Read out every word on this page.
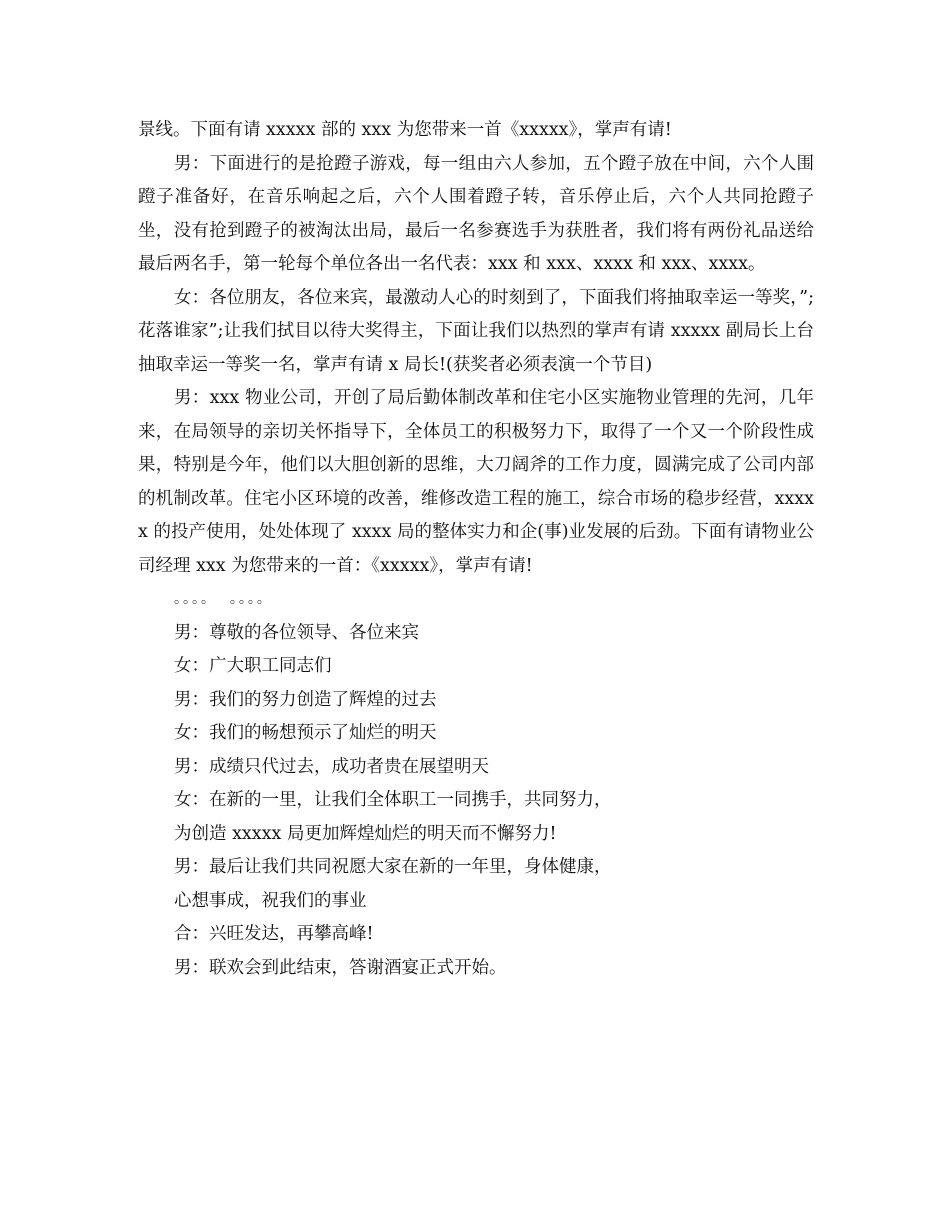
景线。下面有请 xxxxx 部的 xxx 为您带来一首《xxxxx》，掌声有请!

男：下面进行的是抢蹬子游戏，每一组由六人参加，五个蹬子放在中间，六个人围蹬子准备好，在音乐响起之后，六个人围着蹬子转，音乐停止后，六个人共同抢蹬子坐，没有抢到蹬子的被淘汰出局，最后一名参赛选手为获胜者，我们将有两份礼品送给最后两名手，第一轮每个单位各出一名代表：xxx 和 xxx、xxxx 和 xxx、xxxx。

女：各位朋友，各位来宾，最激动人心的时刻到了，下面我们将抽取幸运一等奖，”;花落谁家”;让我们拭目以待大奖得主，下面让我们以热烈的掌声有请 xxxxx 副局长上台抽取幸运一等奖一名，掌声有请 x 局长!(获奖者必须表演一个节目)

男：xxx 物业公司，开创了局后勤体制改革和住宅小区实施物业管理的先河，几年来，在局领导的亲切关怀指导下，全体员工的积极努力下，取得了一个又一个阶段性成果，特别是今年，他们以大胆创新的思维，大刀阔斧的工作力度，圆满完成了公司内部的机制改革。住宅小区环境的改善，维修改造工程的施工，综合市场的稳步经营，xxxxx 的投产使用，处处体现了 xxxx 局的整体实力和企(事)业发展的后劲。下面有请物业公司经理 xxx 为您带来的一首：《xxxxx》，掌声有请!

。。。。  。。。。

男：尊敬的各位领导、各位来宾

女：广大职工同志们

男：我们的努力创造了辉煌的过去

女：我们的畅想预示了灿烂的明天

男：成绩只代过去，成功者贵在展望明天

女：在新的一里，让我们全体职工一同携手，共同努力，

为创造 xxxxx 局更加辉煌灿烂的明天而不懈努力!

男：最后让我们共同祝愿大家在新的一年里，身体健康，

心想事成，祝我们的事业

合：兴旺发达，再攀高峰!

男：联欢会到此结束，答谢酒宴正式开始。
